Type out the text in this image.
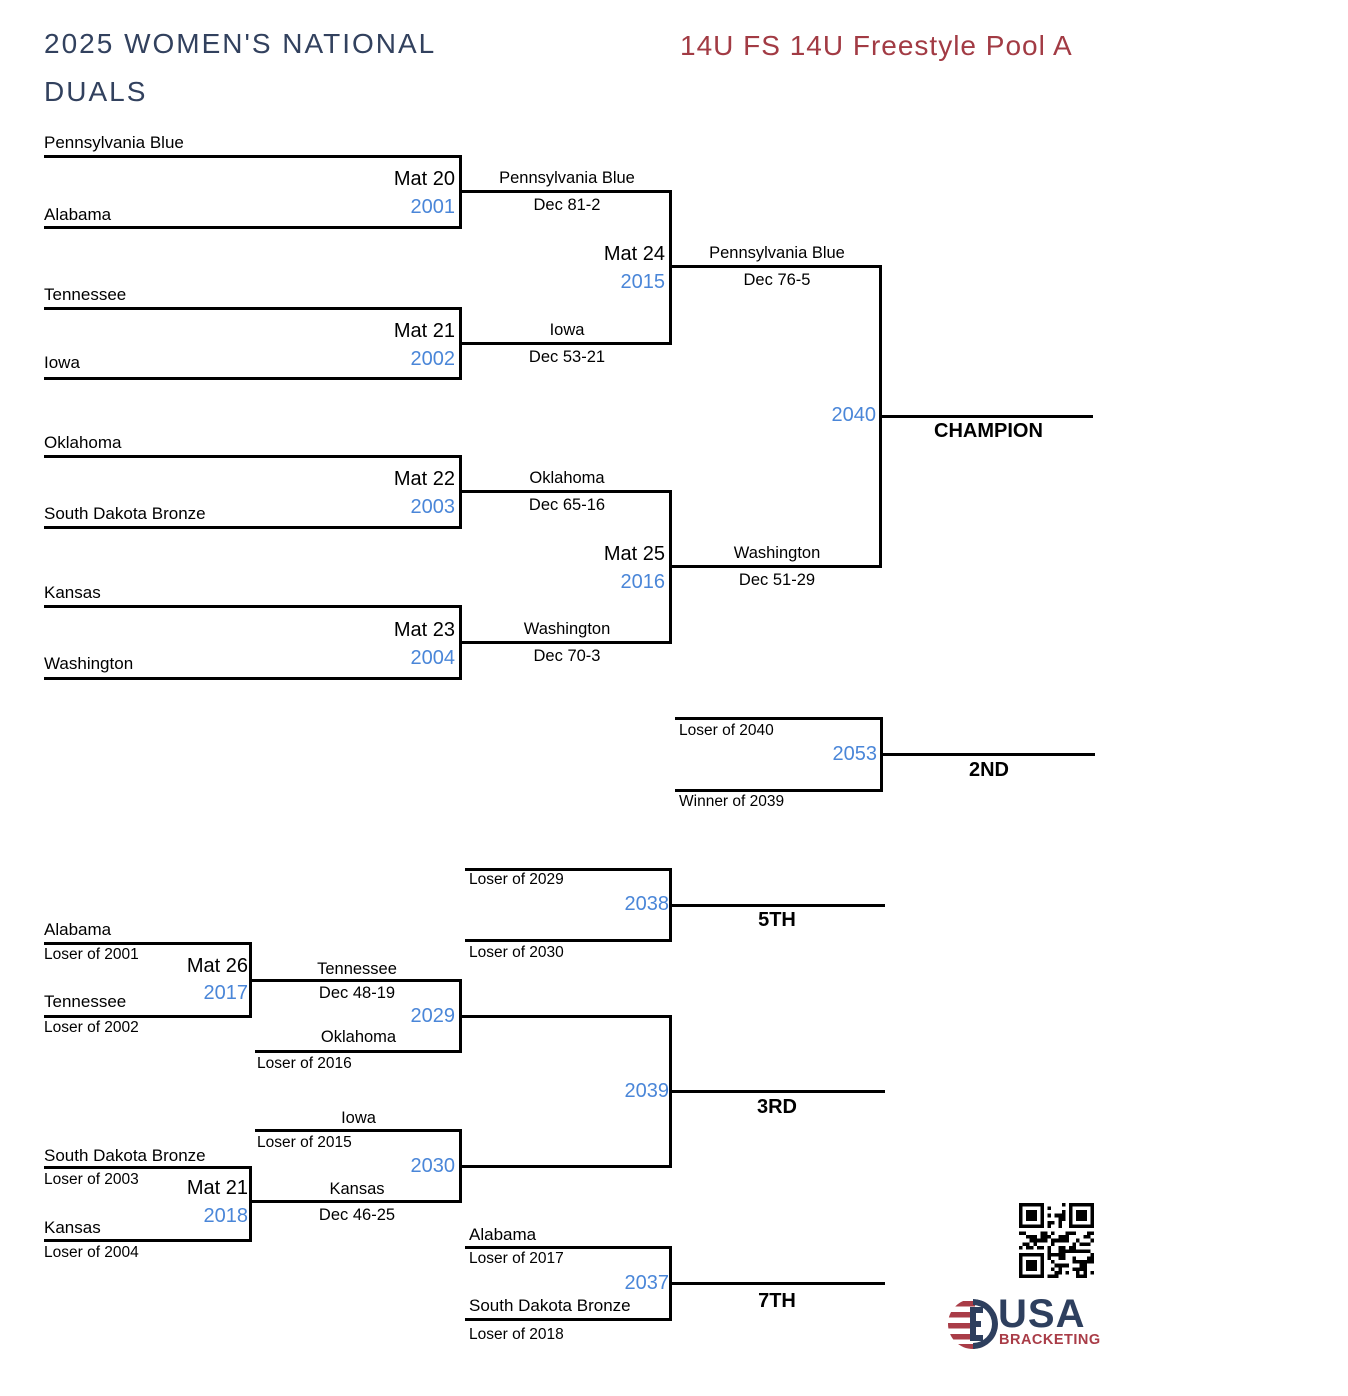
2025 WOMEN'S NATIONAL
DUALS
14U FS 14U Freestyle Pool A
Pennsylvania Blue
Alabama
Tennessee
Iowa
Oklahoma
South Dakota Bronze
Kansas
Washington
Mat 20
2001
Mat 21
2002
Mat 22
2003
Mat 23
2004
Pennsylvania Blue
Dec 81-2
Iowa
Dec 53-21
Mat 24
2015
Oklahoma
Dec 65-16
Washington
Dec 70-3
Mat 25
2016
Pennsylvania Blue
Dec 76-5
Washington
Dec 51-29
2040
CHAMPION
Loser of 2040
Winner of 2039
2053
2ND
Loser of 2029
Loser of 2030
2038
5TH
Alabama
Loser of 2001
Tennessee
Loser of 2002
Mat 26
2017
Tennessee
Dec 48-19
Oklahoma
Loser of 2016
2029
2039
3RD
Iowa
Loser of 2015
Kansas
Dec 46-25
2030
South Dakota Bronze
Loser of 2003
Kansas
Loser of 2004
Mat 21
2018
Alabama
Loser of 2017
South Dakota Bronze
Loser of 2018
2037
7TH	USA
BRACKETING
